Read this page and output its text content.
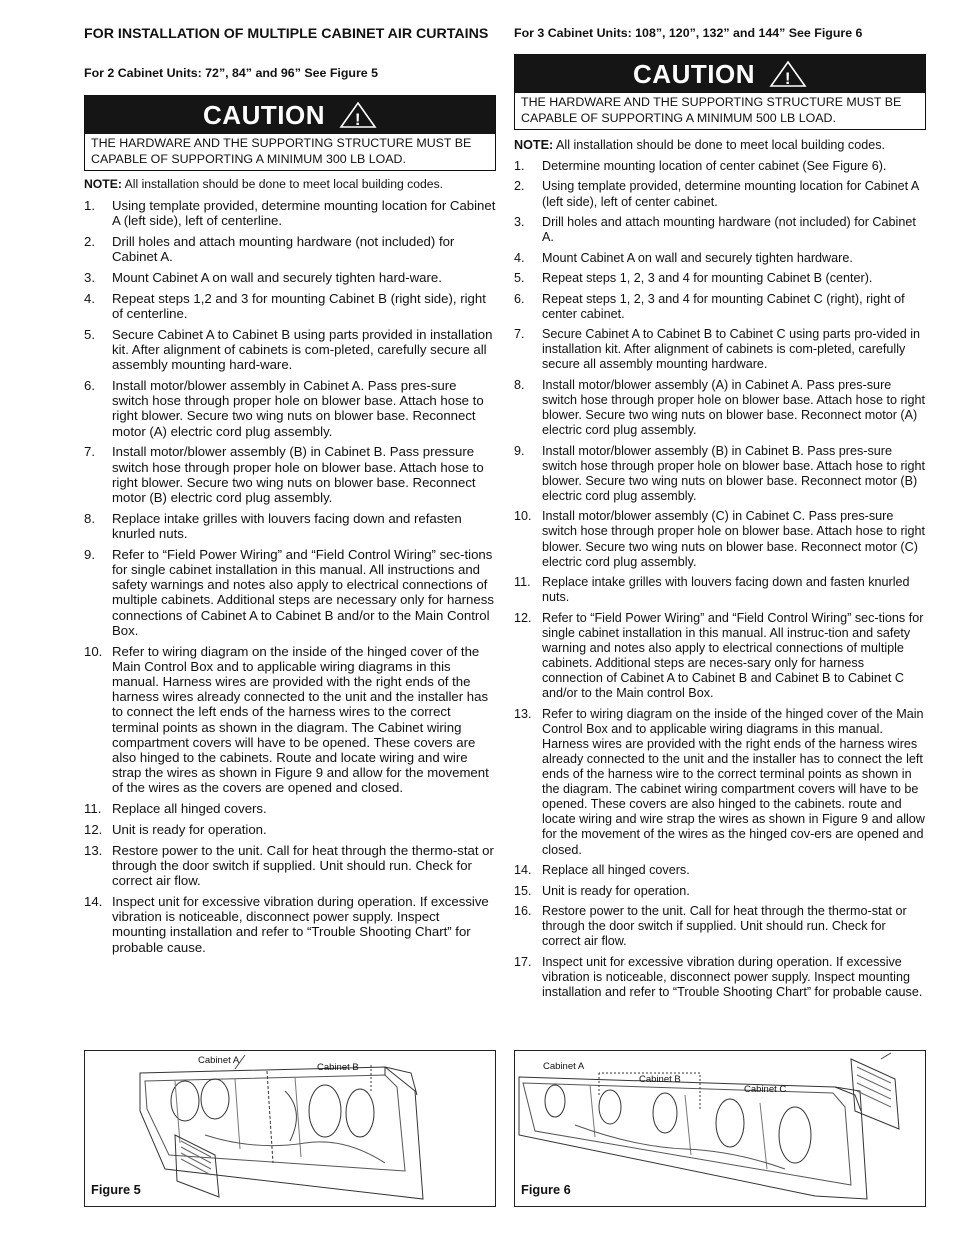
FOR INSTALLATION OF MULTIPLE CABINET AIR CURTAINS

For 2 Cabinet Units: 72”, 84” and 96” See Figure 5

CAUTION !
THE HARDWARE AND THE SUPPORTING STRUCTURE MUST BE CAPABLE OF SUPPORTING A MINIMUM 300 LB LOAD.
NOTE: All installation should be done to meet local building codes.
1. Using template provided, determine mounting location for Cabinet A (left side), left of centerline.
2. Drill holes and attach mounting hardware (not included) for Cabinet A.
3. Mount Cabinet A on wall and securely tighten hard-ware.
4. Repeat steps 1,2 and 3 for mounting Cabinet B (right side), right of centerline.
5. Secure Cabinet A to Cabinet B using parts provided in installation kit. After alignment of cabinets is com-pleted, carefully secure all assembly mounting hard-ware.
6. Install motor/blower assembly in Cabinet A. Pass pres-sure switch hose through proper hole on blower base. Attach hose to right blower. Secure two wing nuts on blower base. Reconnect motor (A) electric cord plug assembly.
7. Install motor/blower assembly (B) in Cabinet B. Pass pressure switch hose through proper hole on blower base. Attach hose to right blower. Secure two wing nuts on blower base. Reconnect motor (B) electric cord plug assembly.
8. Replace intake grilles with louvers facing down and refasten knurled nuts.
9. Refer to “Field Power Wiring” and “Field Control Wiring” sec-tions for single cabinet installation in this manual. All instructions and safety warnings and notes also apply to electrical connections of multiple cabinets. Additional steps are necessary only for harness connections of Cabinet A to Cabinet B and/or to the Main Control Box.
10. Refer to wiring diagram on the inside of the hinged cover of the Main Control Box and to applicable wiring diagrams in this manual. Harness wires are provided with the right ends of the harness wires already connected to the unit and the installer has to connect the left ends of the harness wires to the correct terminal points as shown in the diagram. The Cabinet wiring compartment covers will have to be opened. These covers are also hinged to the cabinets. Route and locate wiring and wire strap the wires as shown in Figure 9 and allow for the movement of the wires as the covers are opened and closed.
11. Replace all hinged covers.
12. Unit is ready for operation.
13. Restore power to the unit. Call for heat through the thermo-stat or through the door switch if supplied. Unit should run. Check for correct air flow.
14. Inspect unit for excessive vibration during operation. If excessive vibration is noticeable, disconnect power supply. Inspect mounting installation and refer to “Trouble Shooting Chart” for probable cause.
Cabinet A
Cabinet B
Figure 5

For 3 Cabinet Units: 108”, 120”, 132” and 144” See Figure 6

CAUTION !
THE HARDWARE AND THE SUPPORTING STRUCTURE MUST BE CAPABLE OF SUPPORTING A MINIMUM 500 LB LOAD.
NOTE: All installation should be done to meet local building codes.
1. Determine mounting location of center cabinet (See Figure 6).
2. Using template provided, determine mounting location for Cabinet A (left side), left of center cabinet.
3. Drill holes and attach mounting hardware (not included) for Cabinet A.
4. Mount Cabinet A on wall and securely tighten hardware.
5. Repeat steps 1, 2, 3 and 4 for mounting Cabinet B (center).
6. Repeat steps 1, 2, 3 and 4 for mounting Cabinet C (right), right of center cabinet.
7. Secure Cabinet A to Cabinet B to Cabinet C using parts pro-vided in installation kit. After alignment of cabinets is com-pleted, carefully secure all assembly mounting hardware.
8. Install motor/blower assembly (A) in Cabinet A. Pass pres-sure switch hose through proper hole on blower base. Attach hose to right blower. Secure two wing nuts on blower base. Reconnect motor (A) electric cord plug assembly.
9. Install motor/blower assembly (B) in Cabinet B. Pass pres-sure switch hose through proper hole on blower base. Attach hose to right blower. Secure two wing nuts on blower base. Reconnect motor (B) electric cord plug assembly.
10. Install motor/blower assembly (C) in Cabinet C. Pass pres-sure switch hose through proper hole on blower base. Attach hose to right blower. Secure two wing nuts on blower base. Reconnect motor (C) electric cord plug assembly.
11. Replace intake grilles with louvers facing down and fasten knurled nuts.
12. Refer to “Field Power Wiring” and “Field Control Wiring” sec-tions for single cabinet installation in this manual. All instruc-tion and safety warning and notes also apply to electrical connections of multiple cabinets. Additional steps are neces-sary only for harness connection of Cabinet A to Cabinet B and Cabinet B to Cabinet C and/or to the Main control Box.
13. Refer to wiring diagram on the inside of the hinged cover of the Main Control Box and to applicable wiring diagrams in this manual. Harness wires are provided with the right ends of the harness wires already connected to the unit and the installer has to connect the left ends of the harness wire to the correct terminal points as shown in the diagram. The cabinet wiring compartment covers will have to be opened. These covers are also hinged to the cabinets. route and locate wiring and wire strap the wires as shown in Figure 9 and allow for the movement of the wires as the hinged cov-ers are opened and closed.
14. Replace all hinged covers.
15. Unit is ready for operation.
16. Restore power to the unit. Call for heat through the thermo-stat or through the door switch if supplied. Unit should run. Check for correct air flow.
17. Inspect unit for excessive vibration during operation. If excessive vibration is noticeable, disconnect power supply. Inspect mounting installation and refer to “Trouble Shooting Chart” for probable cause.
Cabinet A
Cabinet B
Cabinet C
Figure 6
